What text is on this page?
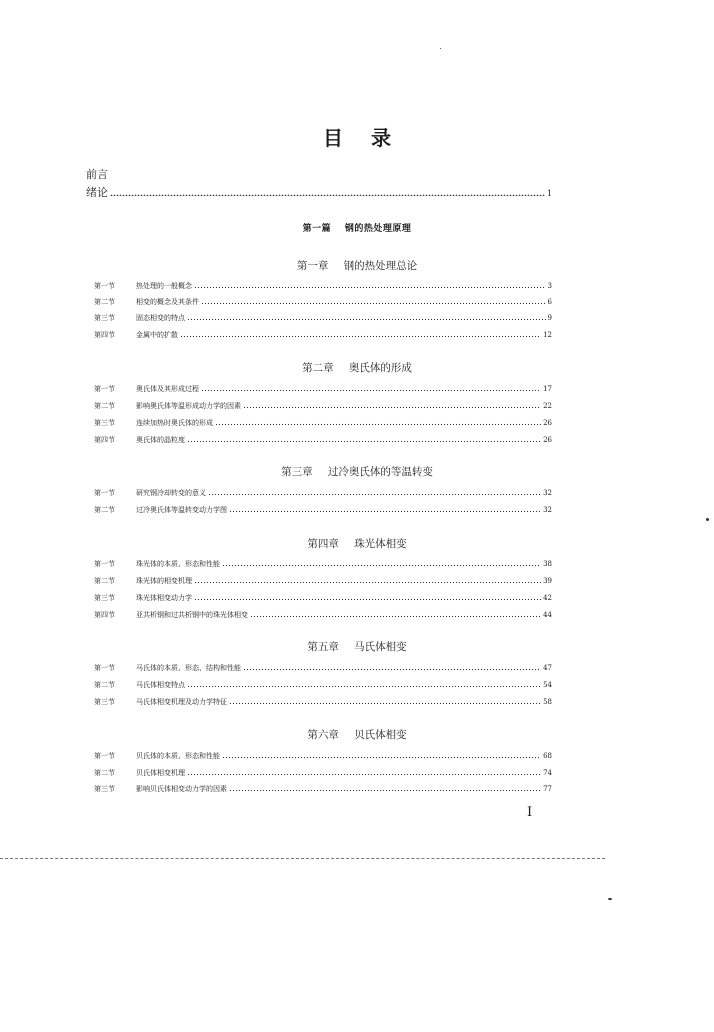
目录
前言
绪论	1
第一篇 钢的热处理原理
第一章 钢的热处理总论
第一节	热处理的一般概念	3
第二节	相变的概念及其条件	6
第三节	固态相变的特点	9
第四节	金属中的扩散	12
第二章 奥氏体的形成
第一节	奥氏体及其形成过程	17
第二节	影响奥氏体等温形成动力学的因素	22
第三节	连续加热时奥氏体的形成	26
第四节	奥氏体的晶粒度	26
第三章 过冷奥氏体的等温转变
第一节	研究钢冷却转变的意义	32
第二节	过冷奥氏体等温转变动力学图	32
第四章 珠光体相变
第一节	珠光体的本质、形态和性能	38
第二节	珠光体的相变机理	39
第三节	珠光体相变动力学	42
第四节	亚共析钢和过共析钢中的珠光体相变	44
第五章 马氏体相变
第一节	马氏体的本质、形态、结构和性能	47
第二节	马氏体相变特点	54
第三节	马氏体相变机理及动力学特征	58
第六章 贝氏体相变
第一节	贝氏体的本质、形态和性能	68
第二节	贝氏体相变机理	74
第三节	影响贝氏体相变动力学的因素	77
I
